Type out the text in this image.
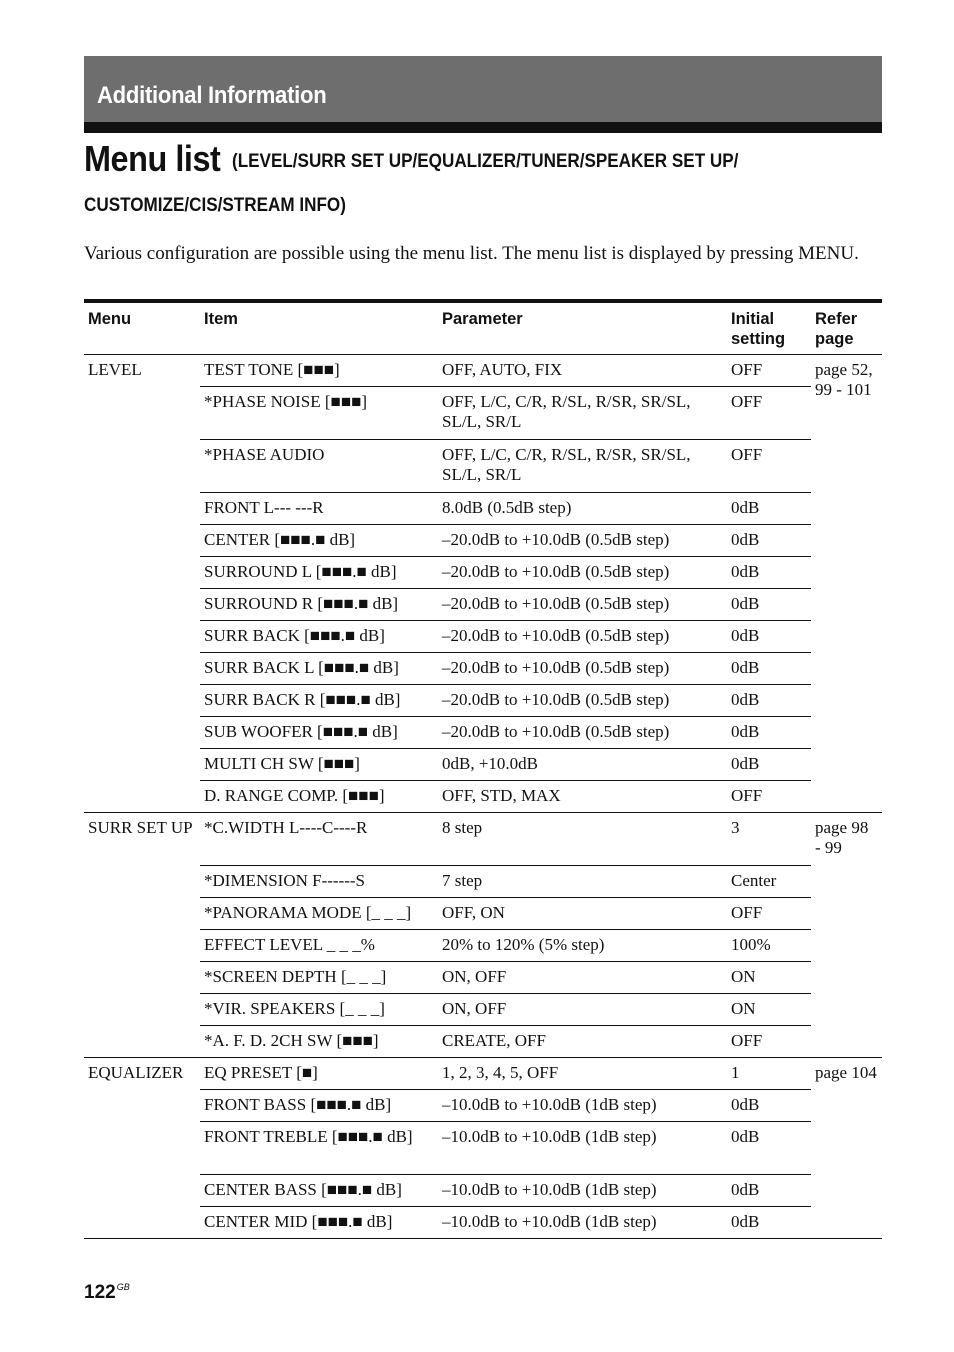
Additional Information
Menu list (LEVEL/SURR SET UP/EQUALIZER/TUNER/SPEAKER SET UP/
CUSTOMIZE/CIS/STREAM INFO)

Various configuration are possible using the menu list. The menu list is displayed by pressing MENU.

Menu	Item	Parameter	Initial setting	Refer page
LEVEL	TEST TONE [■■■]	OFF, AUTO, FIX	OFF	page 52, 99 - 101
	*PHASE NOISE [■■■]	OFF, L/C, C/R, R/SL, R/SR, SR/SL, SL/L, SR/L	OFF	
	*PHASE AUDIO	OFF, L/C, C/R, R/SL, R/SR, SR/SL, SL/L, SR/L	OFF	
	FRONT L--- ---R	8.0dB (0.5dB step)	0dB	
	CENTER [■■■.■ dB]	–20.0dB to +10.0dB (0.5dB step)	0dB	
	SURROUND L [■■■.■ dB]	–20.0dB to +10.0dB (0.5dB step)	0dB	
	SURROUND R [■■■.■ dB]	–20.0dB to +10.0dB (0.5dB step)	0dB	
	SURR BACK [■■■.■ dB]	–20.0dB to +10.0dB (0.5dB step)	0dB	
	SURR BACK L [■■■.■ dB]	–20.0dB to +10.0dB (0.5dB step)	0dB	
	SURR BACK R [■■■.■ dB]	–20.0dB to +10.0dB (0.5dB step)	0dB	
	SUB WOOFER [■■■.■ dB]	–20.0dB to +10.0dB (0.5dB step)	0dB	
	MULTI CH SW [■■■]	0dB, +10.0dB	0dB	
	D. RANGE COMP. [■■■]	OFF, STD, MAX	OFF	
SURR SET UP	*C.WIDTH L----C----R	8 step	3	page 98 - 99
	*DIMENSION F------S	7 step	Center	
	*PANORAMA MODE [_ _ _]	OFF, ON	OFF	
	EFFECT LEVEL _ _ _%	20% to 120% (5% step)	100%	
	*SCREEN DEPTH [_ _ _]	ON, OFF	ON	
	*VIR. SPEAKERS [_ _ _]	ON, OFF	ON	
	*A. F. D. 2CH SW [■■■]	CREATE, OFF	OFF	
EQUALIZER	EQ PRESET [■]	1, 2, 3, 4, 5, OFF	1	page 104
	FRONT BASS [■■■.■ dB]	–10.0dB to +10.0dB (1dB step)	0dB	
	FRONT TREBLE [■■■.■ dB]	–10.0dB to +10.0dB (1dB step)	0dB	
	CENTER BASS [■■■.■ dB]	–10.0dB to +10.0dB (1dB step)	0dB	
	CENTER MID [■■■.■ dB]	–10.0dB to +10.0dB (1dB step)	0dB	
$122^{GB}$
